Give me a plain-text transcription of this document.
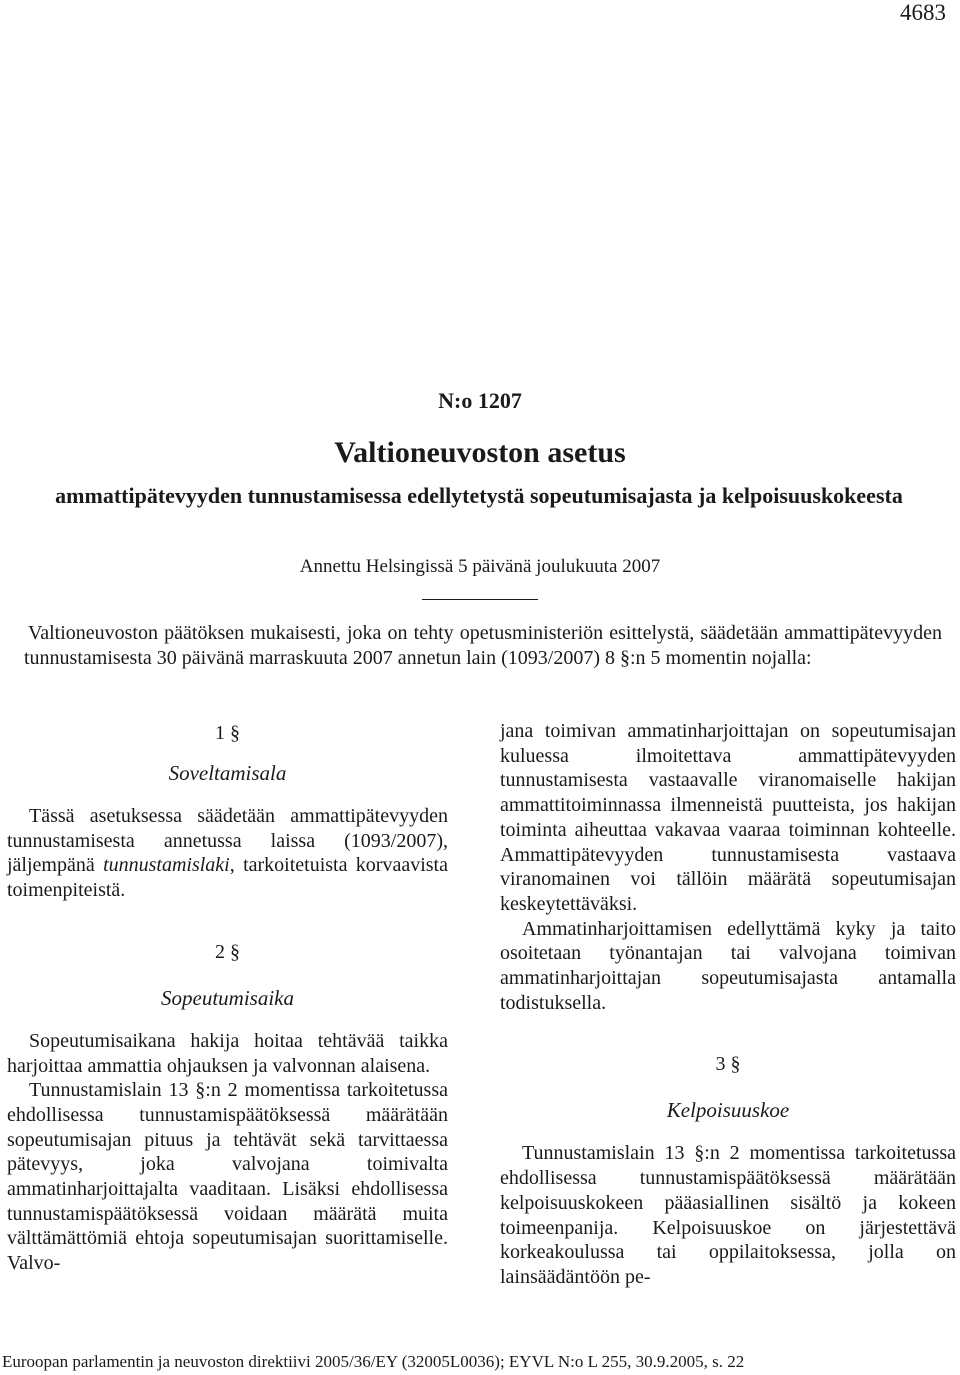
4683
N:o 1207
Valtioneuvoston asetus
ammattipätevyyden tunnustamisessa edellytetystä sopeutumisajasta ja kelpoisuuskokeesta
Annettu Helsingissä 5 päivänä joulukuuta 2007

Valtioneuvoston päätöksen mukaisesti, joka on tehty opetusministeriön esittelystä, säädetään ammattipätevyyden tunnustamisesta 30 päivänä marraskuuta 2007 annetun lain (1093/2007) 8 §:n 5 momentin nojalla:

1 §
Soveltamisala

Tässä asetuksessa säädetään ammattipätevyyden tunnustamisesta annetussa laissa (1093/2007), jäljempänä tunnustamislaki, tarkoitetuista korvaavista toimenpiteistä.

2 §
Sopeutumisaika

Sopeutumisaikana hakija hoitaa tehtävää taikka harjoittaa ammattia ohjauksen ja valvonnan alaisena.

Tunnustamislain 13 §:n 2 momentissa tarkoitetussa ehdollisessa tunnustamispäätöksessä määrätään sopeutumisajan pituus ja tehtävät sekä tarvittaessa pätevyys, joka valvojana toimivalta ammatinharjoittajalta vaaditaan. Lisäksi ehdollisessa tunnustamispäätöksessä voidaan määrätä muita välttämättömiä ehtoja sopeutumisajan suorittamiselle. Valvo-

jana toimivan ammatinharjoittajan on sopeutumisajan kuluessa ilmoitettava ammattipätevyyden tunnustamisesta vastaavalle viranomaiselle hakijan ammattitoiminnassa ilmenneistä puutteista, jos hakijan toiminta aiheuttaa vakavaa vaaraa toiminnan kohteelle. Ammattipätevyyden tunnustamisesta vastaava viranomainen voi tällöin määrätä sopeutumisajan keskeytettäväksi.

Ammatinharjoittamisen edellyttämä kyky ja taito osoitetaan työnantajan tai valvojana toimivan ammatinharjoittajan sopeutumisajasta antamalla todistuksella.

3 §
Kelpoisuuskoe

Tunnustamislain 13 §:n 2 momentissa tarkoitetussa ehdollisessa tunnustamispäätöksessä määrätään kelpoisuuskokeen pääasiallinen sisältö ja kokeen toimeenpanija. Kelpoisuuskoe on järjestettävä korkeakoulussa tai oppilaitoksessa, jolla on lainsäädäntöön pe-

Euroopan parlamentin ja neuvoston direktiivi 2005/36/EY (32005L0036); EYVL N:o L 255, 30.9.2005, s. 22
